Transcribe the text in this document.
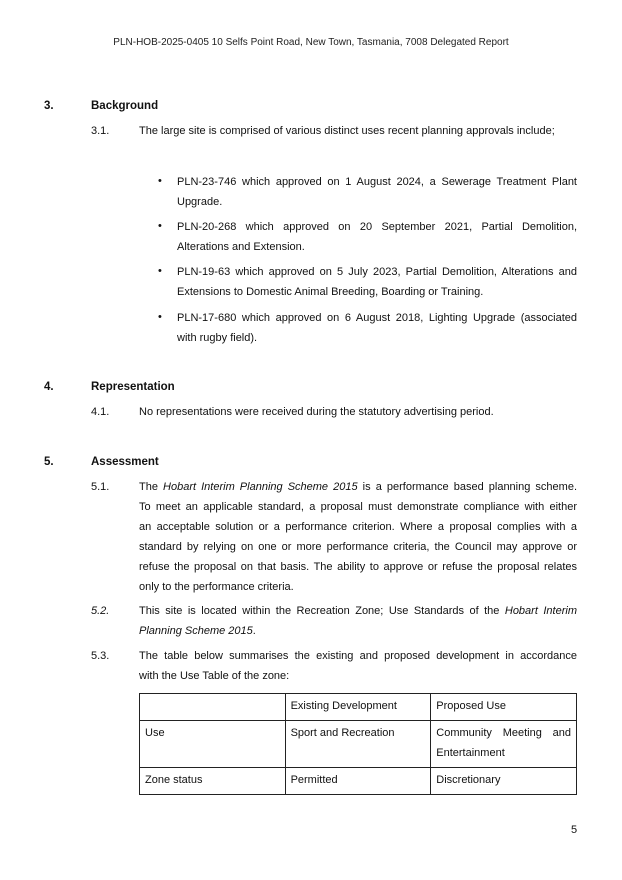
PLN-HOB-2025-0405 10 Selfs Point Road, New Town, Tasmania, 7008 Delegated Report
3.	Background
3.1.	The large site is comprised of various distinct uses recent planning approvals include;
• PLN-23-746 which approved on 1 August 2024, a Sewerage Treatment Plant
Upgrade.
• PLN-20-268 which approved on 20 September 2021, Partial Demolition,
Alterations and Extension.
• PLN-19-63 which approved on 5 July 2023, Partial Demolition, Alterations and
Extensions to Domestic Animal Breeding, Boarding or Training.
• PLN-17-680 which approved on 6 August 2018, Lighting Upgrade (associated
with rugby field).
4.	Representation
4.1.	No representations were received during the statutory advertising period.
5.	Assessment
5.1.	The Hobart Interim Planning Scheme 2015 is a performance based planning scheme.
To meet an applicable standard, a proposal must demonstrate compliance with either
an acceptable solution or a performance criterion. Where a proposal complies with a
standard by relying on one or more performance criteria, the Council may approve or
refuse the proposal on that basis. The ability to approve or refuse the proposal relates
only to the performance criteria.
5.2.	This site is located within the Recreation Zone; Use Standards of the Hobart Interim
Planning Scheme 2015.
5.3.	The table below summarises the existing and proposed development in accordance
with the Use Table of the zone:
	Existing Development	Proposed Use
Use	Sport and Recreation	Community Meeting and
Entertainment

Zone status	Permitted	Discretionary
5
